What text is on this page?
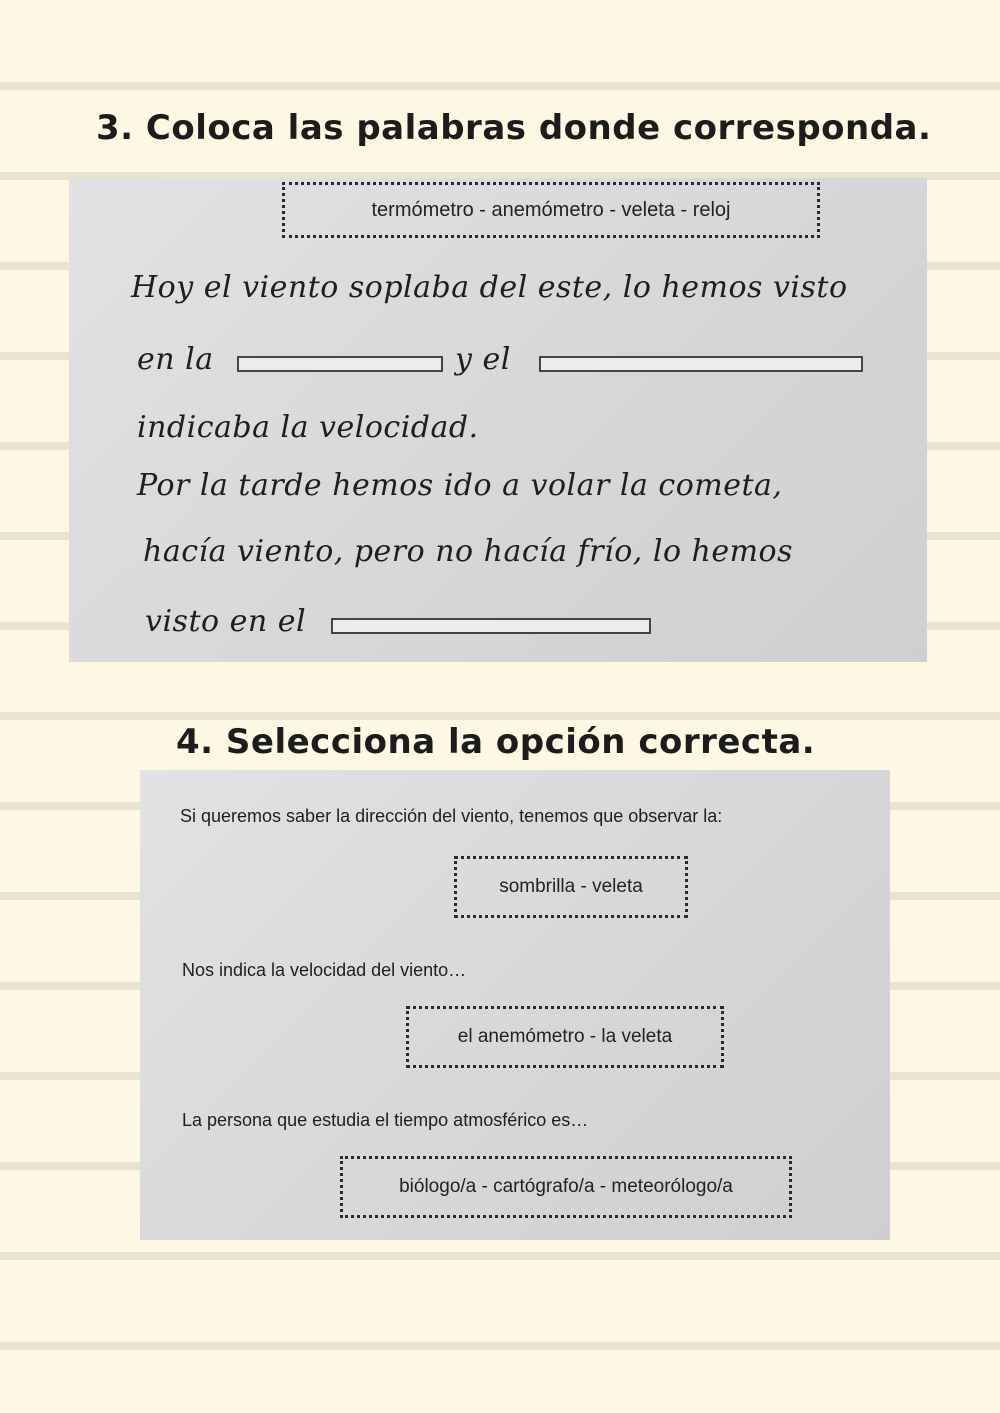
3. Coloca las palabras donde corresponda.
termómetro - anemómetro - veleta - reloj
Hoy el viento soplaba del este, lo hemos visto
en la	y el
indicaba la velocidad.
Por la tarde hemos ido a volar la cometa,
hacía viento, pero no hacía frío, lo hemos
visto en el
4. Selecciona la opción correcta.
Si queremos saber la dirección del viento, tenemos que observar la:
sombrilla - veleta
Nos indica la velocidad del viento…
el anemómetro - la veleta
La persona que estudia el tiempo atmosférico es…
biólogo/a - cartógrafo/a - meteorólogo/a
